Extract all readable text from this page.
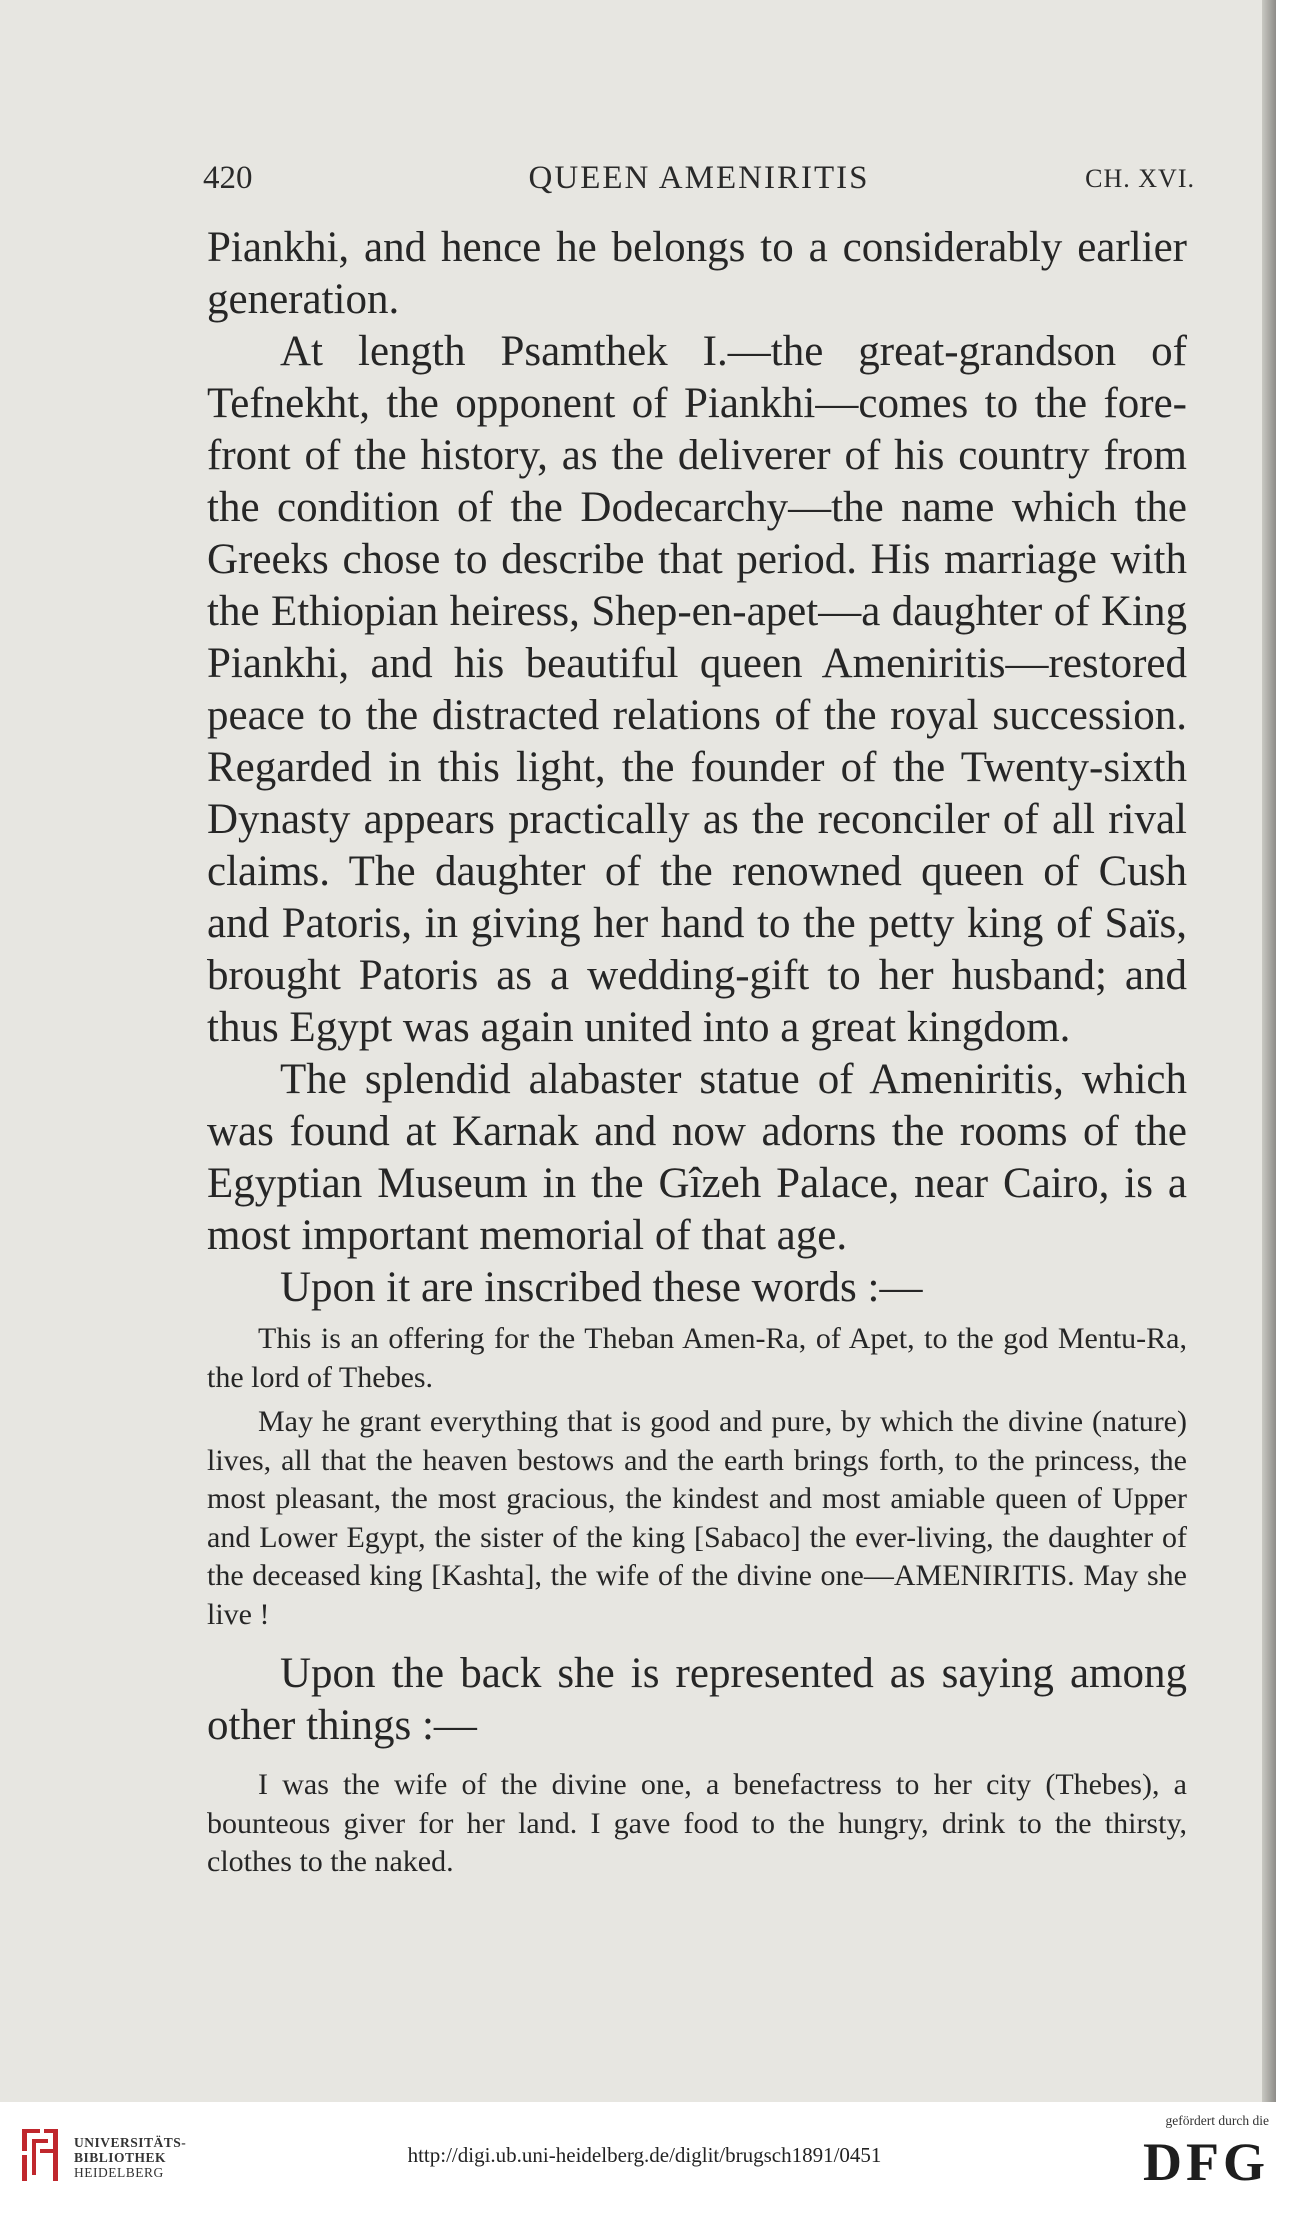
420	QUEEN AMENIRITIS	CH. XVI.

Piankhi, and hence he belongs to a considerably earlier generation.

At length Psamthek I.—the great-grandson of Tefnekht, the opponent of Piankhi—comes to the fore-front of the history, as the deliverer of his country from the condition of the Dodecarchy—the name which the Greeks chose to describe that period. His marriage with the Ethiopian heiress, Shep-en-apet—a daughter of King Piankhi, and his beautiful queen Ameniritis—restored peace to the distracted relations of the royal succession. Regarded in this light, the founder of the Twenty-sixth Dynasty appears practically as the reconciler of all rival claims. The daughter of the renowned queen of Cush and Patoris, in giving her hand to the petty king of Saïs, brought Patoris as a wedding-gift to her husband; and thus Egypt was again united into a great kingdom.

The splendid alabaster statue of Ameniritis, which was found at Karnak and now adorns the rooms of the Egyptian Museum in the Gîzeh Palace, near Cairo, is a most important memorial of that age.

Upon it are inscribed these words :—

This is an offering for the Theban Amen-Ra, of Apet, to the god Mentu-Ra, the lord of Thebes.

May he grant everything that is good and pure, by which the divine (nature) lives, all that the heaven bestows and the earth brings forth, to the princess, the most pleasant, the most gracious, the kindest and most amiable queen of Upper and Lower Egypt, the sister of the king [Sabaco] the ever-living, the daughter of the deceased king [Kashta], the wife of the divine one—AMENIRITIS. May she live !

Upon the back she is represented as saying among other things :—

I was the wife of the divine one, a benefactress to her city (Thebes), a bounteous giver for her land. I gave food to the hungry, drink to the thirsty, clothes to the naked.

UNIVERSITÄTS-
BIBLIOTHEK
HEIDELBERG
http://digi.ub.uni-heidelberg.de/diglit/brugsch1891/0451
gefördert durch die
DFG
